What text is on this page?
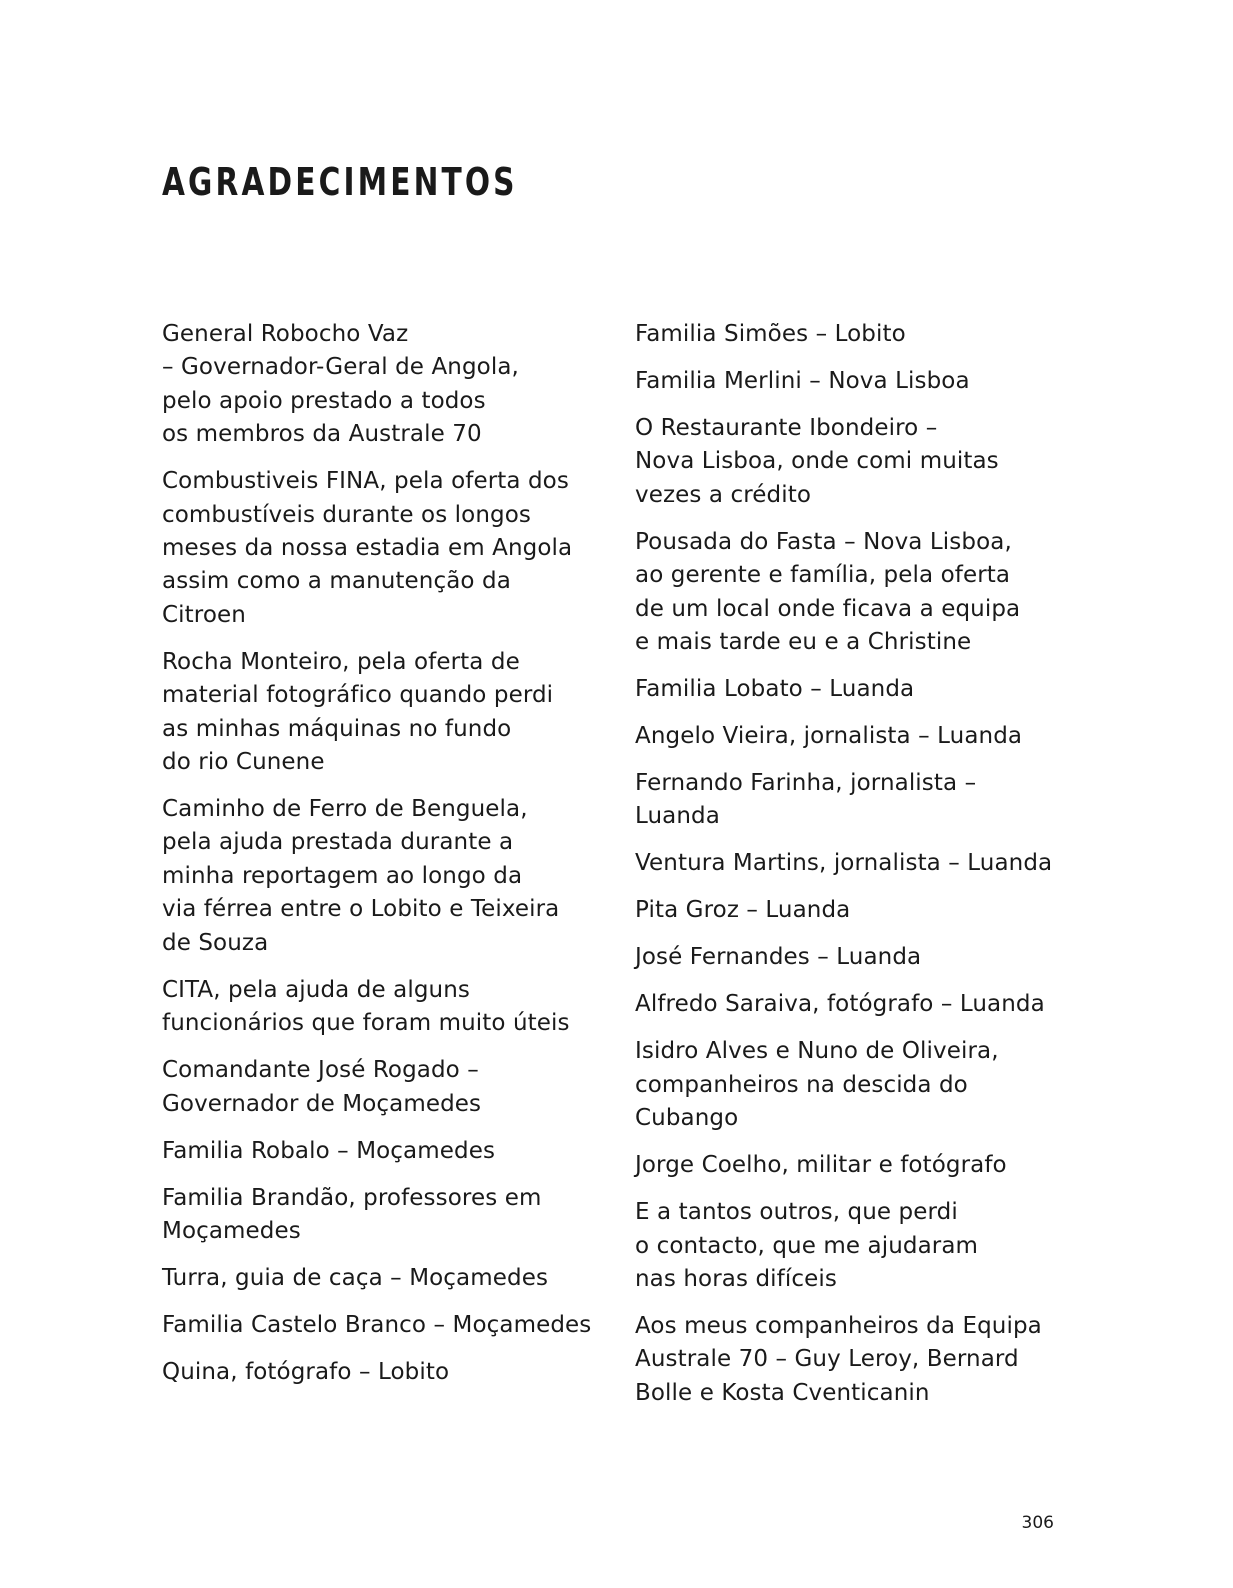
AGRADECIMENTOS
General Robocho Vaz
– Governador-Geral de Angola,
pelo apoio prestado a todos
os membros da Australe 70
Combustiveis FINA, pela oferta dos
combustíveis durante os longos
meses da nossa estadia em Angola
assim como a manutenção da
Citroen
Rocha Monteiro, pela oferta de
material fotográfico quando perdi
as minhas máquinas no fundo
do rio Cunene
Caminho de Ferro de Benguela,
pela ajuda prestada durante a
minha reportagem ao longo da
via férrea entre o Lobito e Teixeira
de Souza
CITA, pela ajuda de alguns
funcionários que foram muito úteis
Comandante José Rogado –
Governador de Moçamedes
Familia Robalo – Moçamedes
Familia Brandão, professores em
Moçamedes
Turra, guia de caça – Moçamedes
Familia Castelo Branco – Moçamedes
Quina, fotógrafo – Lobito
Familia Simões – Lobito
Familia Merlini – Nova Lisboa
O Restaurante Ibondeiro –
Nova Lisboa, onde comi muitas
vezes a crédito
Pousada do Fasta – Nova Lisboa,
ao gerente e família, pela oferta
de um local onde ficava a equipa
e mais tarde eu e a Christine
Familia Lobato – Luanda
Angelo Vieira, jornalista – Luanda
Fernando Farinha, jornalista –
Luanda
Ventura Martins, jornalista – Luanda
Pita Groz – Luanda
José Fernandes – Luanda
Alfredo Saraiva, fotógrafo – Luanda
Isidro Alves e Nuno de Oliveira,
companheiros na descida do
Cubango
Jorge Coelho, militar e fotógrafo
E a tantos outros, que perdi
o contacto, que me ajudaram
nas horas difíceis
Aos meus companheiros da Equipa
Australe 70 – Guy Leroy, Bernard
Bolle e Kosta Cventicanin
306
